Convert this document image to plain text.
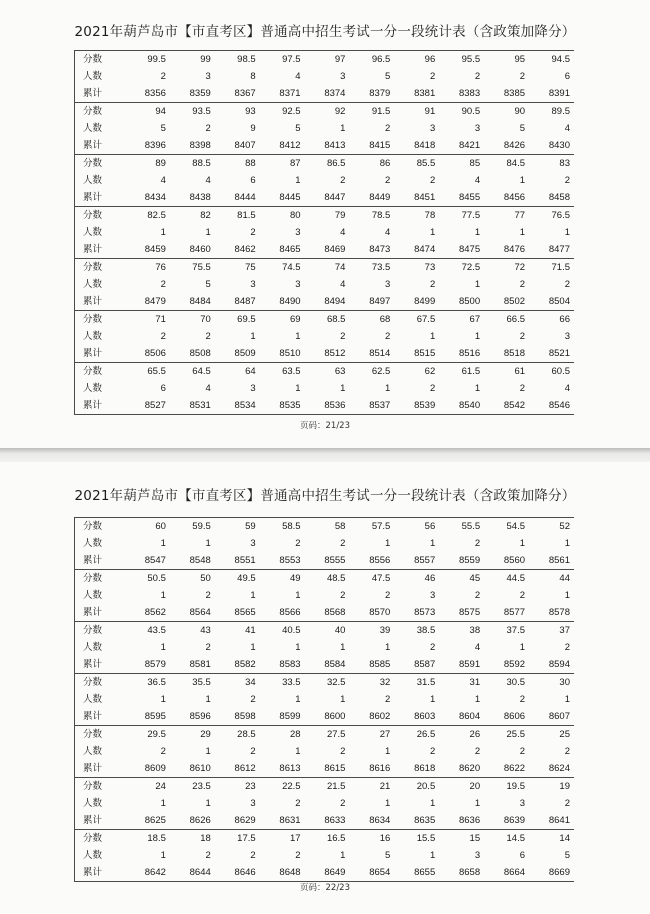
2021年葫芦岛市【市直考区】普通高中招生考试一分一段统计表（含政策加降分）
分数	99.5	99	98.5	97.5	97	96.5	96	95.5	95	94.5
人数	2	3	8	4	3	5	2	2	2	6
累计	8356	8359	8367	8371	8374	8379	8381	8383	8385	8391
分数	94	93.5	93	92.5	92	91.5	91	90.5	90	89.5
人数	5	2	9	5	1	2	3	3	5	4
累计	8396	8398	8407	8412	8413	8415	8418	8421	8426	8430
分数	89	88.5	88	87	86.5	86	85.5	85	84.5	83
人数	4	4	6	1	2	2	2	4	1	2
累计	8434	8438	8444	8445	8447	8449	8451	8455	8456	8458
分数	82.5	82	81.5	80	79	78.5	78	77.5	77	76.5
人数	1	1	2	3	4	4	1	1	1	1
累计	8459	8460	8462	8465	8469	8473	8474	8475	8476	8477
分数	76	75.5	75	74.5	74	73.5	73	72.5	72	71.5
人数	2	5	3	3	4	3	2	1	2	2
累计	8479	8484	8487	8490	8494	8497	8499	8500	8502	8504
分数	71	70	69.5	69	68.5	68	67.5	67	66.5	66
人数	2	2	1	1	2	2	1	1	2	3
累计	8506	8508	8509	8510	8512	8514	8515	8516	8518	8521
分数	65.5	64.5	64	63.5	63	62.5	62	61.5	61	60.5
人数	6	4	3	1	1	1	2	1	2	4
累计	8527	8531	8534	8535	8536	8537	8539	8540	8542	8546
页码：21/23
2021年葫芦岛市【市直考区】普通高中招生考试一分一段统计表（含政策加降分）
分数	60	59.5	59	58.5	58	57.5	56	55.5	54.5	52
人数	1	1	3	2	2	1	1	2	1	1
累计	8547	8548	8551	8553	8555	8556	8557	8559	8560	8561
分数	50.5	50	49.5	49	48.5	47.5	46	45	44.5	44
人数	1	2	1	1	2	2	3	2	2	1
累计	8562	8564	8565	8566	8568	8570	8573	8575	8577	8578
分数	43.5	43	41	40.5	40	39	38.5	38	37.5	37
人数	1	2	1	1	1	1	2	4	1	2
累计	8579	8581	8582	8583	8584	8585	8587	8591	8592	8594
分数	36.5	35.5	34	33.5	32.5	32	31.5	31	30.5	30
人数	1	1	2	1	1	2	1	1	2	1
累计	8595	8596	8598	8599	8600	8602	8603	8604	8606	8607
分数	29.5	29	28.5	28	27.5	27	26.5	26	25.5	25
人数	2	1	2	1	2	1	2	2	2	2
累计	8609	8610	8612	8613	8615	8616	8618	8620	8622	8624
分数	24	23.5	23	22.5	21.5	21	20.5	20	19.5	19
人数	1	1	3	2	2	1	1	1	3	2
累计	8625	8626	8629	8631	8633	8634	8635	8636	8639	8641
分数	18.5	18	17.5	17	16.5	16	15.5	15	14.5	14
人数	1	2	2	2	1	5	1	3	6	5
累计	8642	8644	8646	8648	8649	8654	8655	8658	8664	8669
页码：22/23
